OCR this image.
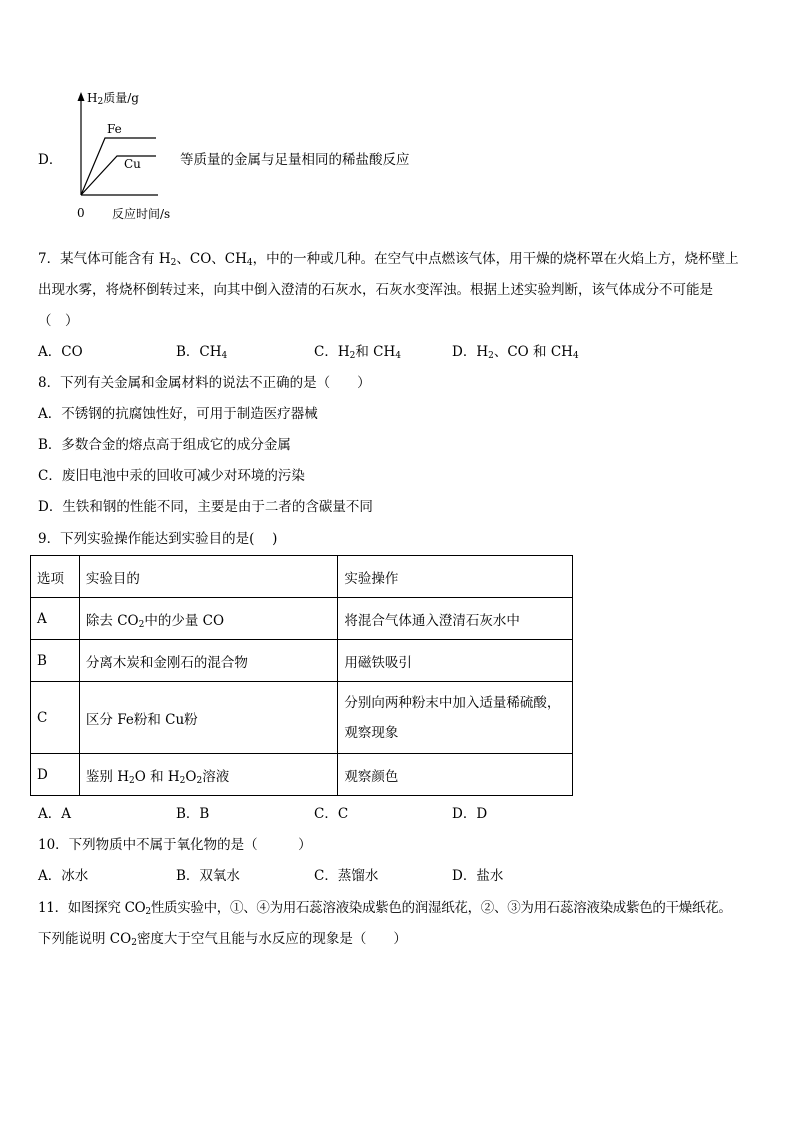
D．
$H_2$质量/g
Fe
Cu
0 反应时间/s
等质量的金属与足量相同的稀盐酸反应
7．某气体可能含有 $H_2$、CO、$CH_4$，中的一种或几种。在空气中点燃该气体，用干燥的烧杯罩在火焰上方，烧杯壁上
出现水雾，将烧杯倒转过来，向其中倒入澄清的石灰水，石灰水变浑浊。根据上述实验判断，该气体成分不可能是
（　）
A．CO	B．$CH_4$	C．$H_2$和 $CH_4$	D．$H_2$、CO 和 $CH_4$
8．下列有关金属和金属材料的说法不正确的是（　　）
A．不锈钢的抗腐蚀性好，可用于制造医疗器械
B．多数合金的熔点高于组成它的成分金属
C．废旧电池中汞的回收可减少对环境的污染
D．生铁和钢的性能不同，主要是由于二者的含碳量不同
9．下列实验操作能达到实验目的是(　 )
选项	实验目的	实验操作
A	除去 $CO_2$中的少量 CO	将混合气体通入澄清石灰水中
B	分离木炭和金刚石的混合物	用磁铁吸引
C	区分 Fe粉和 Cu粉	分别向两种粉末中加入适量稀硫酸，
观察现象

D	鉴别 $H_2O$ 和 $H_2O_2$溶液	观察颜色
A．A	B．B	C．C	D．D
10．下列物质中不属于氧化物的是（　　　）
A．冰水	B．双氧水	C．蒸馏水	D．盐水
11．如图探究 $CO_2$性质实验中，①、④为用石蕊溶液染成紫色的润湿纸花，②、③为用石蕊溶液染成紫色的干燥纸花。
下列能说明 $CO_2$密度大于空气且能与水反应的现象是（　　）
